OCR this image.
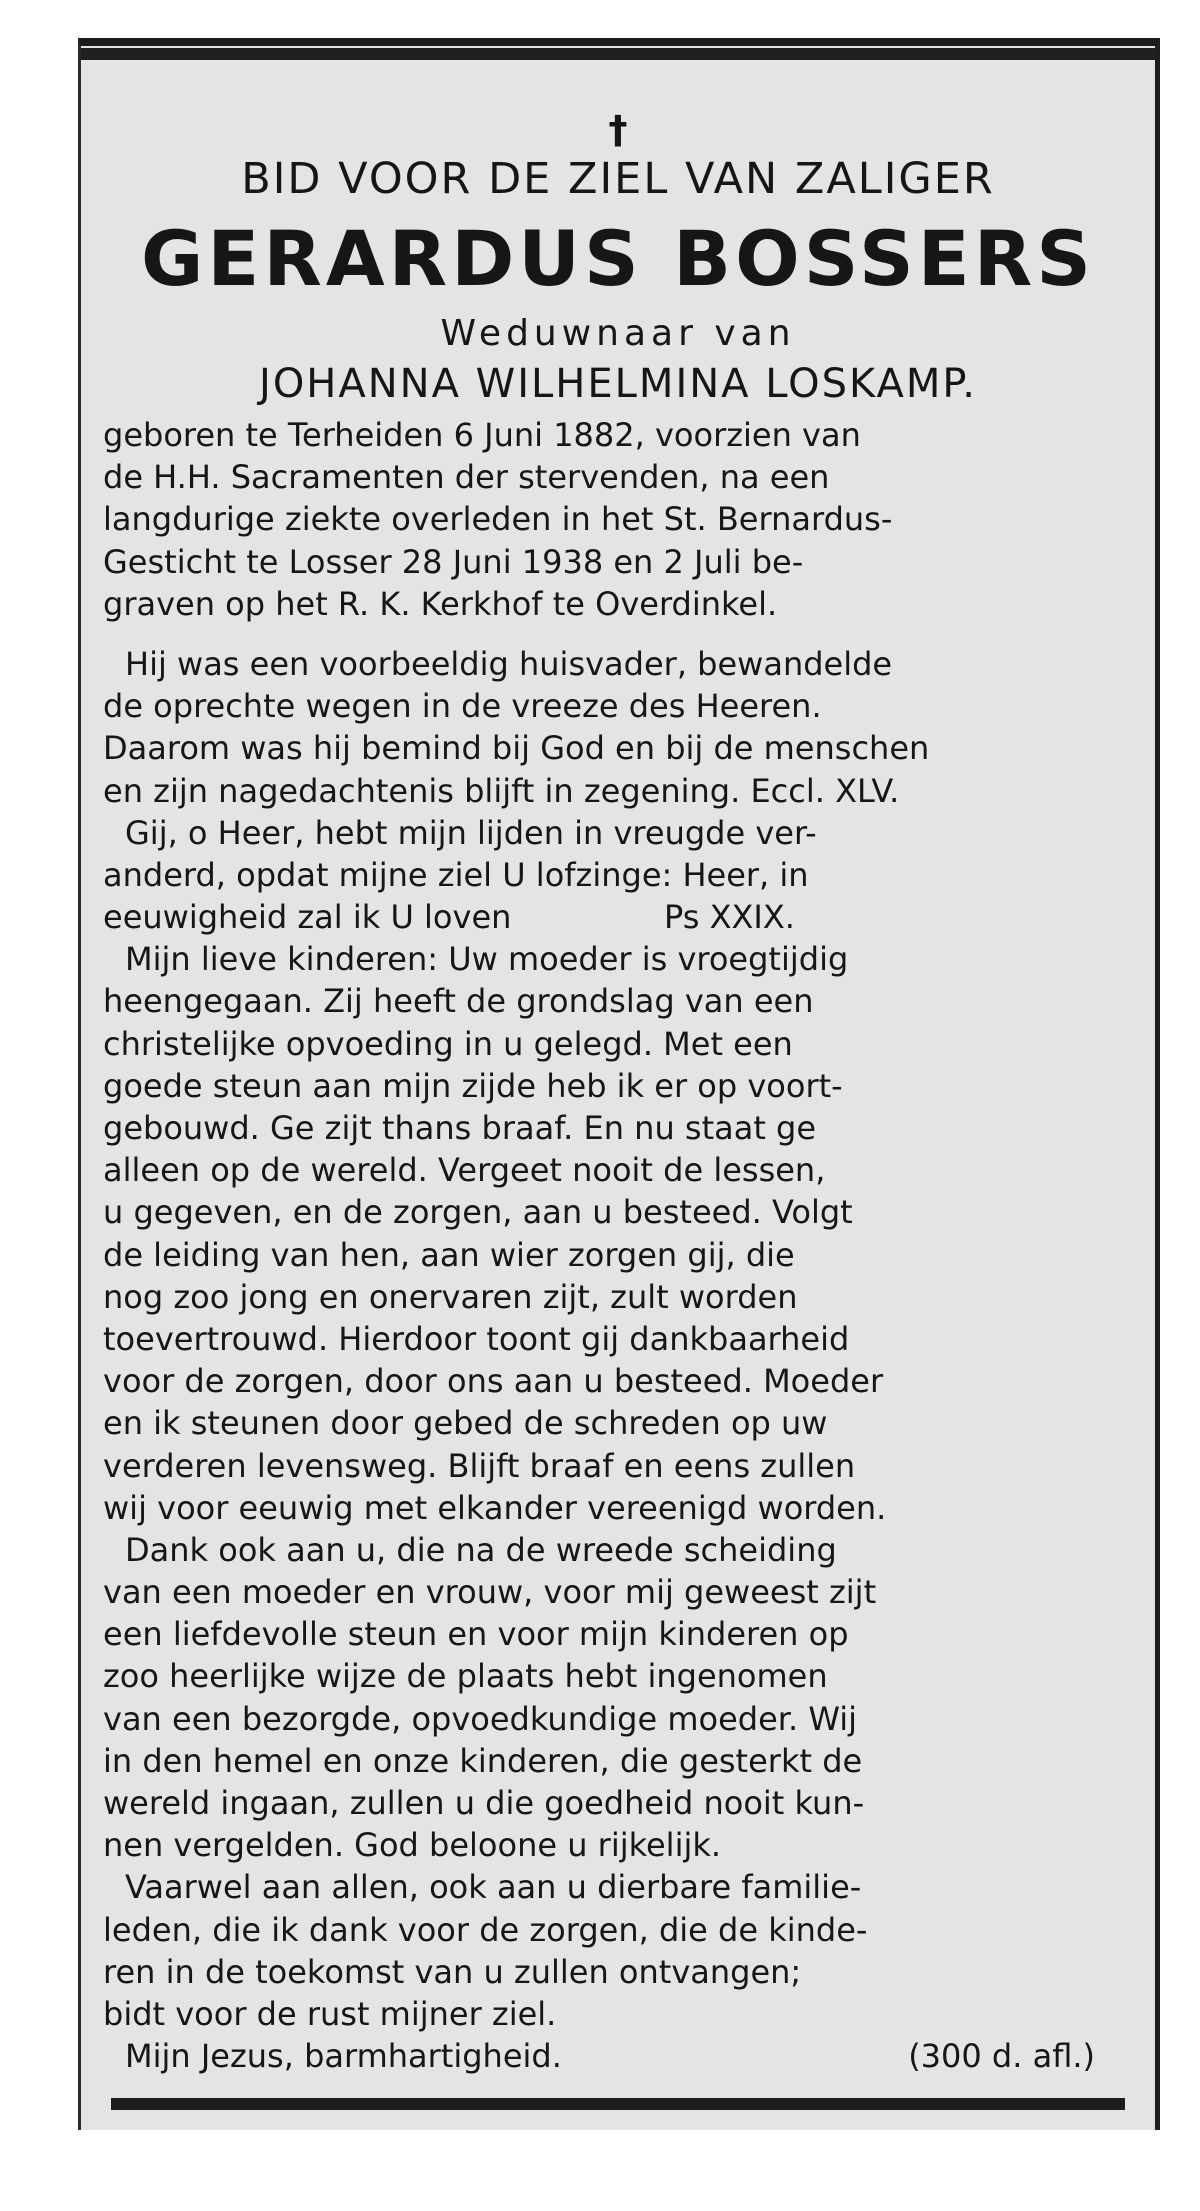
†
BID VOOR DE ZIEL VAN ZALIGER
GERARDUS BOSSERS
Weduwnaar van
JOHANNA WILHELMINA LOSKAMP.
geboren te Terheiden 6 Juni 1882, voorzien van
de H.H. Sacramenten der stervenden, na een
langdurige ziekte overleden in het St. Bernardus-
Gesticht te Losser 28 Juni 1938 en 2 Juli be-
graven op het R. K. Kerkhof te Overdinkel.
Hij was een voorbeeldig huisvader, bewandelde
de oprechte wegen in de vreeze des Heeren.
Daarom was hij bemind bij God en bij de menschen
en zijn nagedachtenis blijft in zegening. Eccl. XLV.
Gij, o Heer, hebt mijn lijden in vreugde ver-
anderd, opdat mijne ziel U lofzinge: Heer, in
eeuwigheid zal ik U loven               Ps XXIX.
Mijn lieve kinderen: Uw moeder is vroegtijdig
heengegaan. Zij heeft de grondslag van een
christelijke opvoeding in u gelegd. Met een
goede steun aan mijn zijde heb ik er op voort-
gebouwd. Ge zijt thans braaf. En nu staat ge
alleen op de wereld. Vergeet nooit de lessen,
u gegeven, en de zorgen, aan u besteed. Volgt
de leiding van hen, aan wier zorgen gij, die
nog zoo jong en onervaren zijt, zult worden
toevertrouwd. Hierdoor toont gij dankbaarheid
voor de zorgen, door ons aan u besteed. Moeder
en ik steunen door gebed de schreden op uw
verderen levensweg. Blijft braaf en eens zullen
wij voor eeuwig met elkander vereenigd worden.
Dank ook aan u, die na de wreede scheiding
van een moeder en vrouw, voor mij geweest zijt
een liefdevolle steun en voor mijn kinderen op
zoo heerlijke wijze de plaats hebt ingenomen
van een bezorgde, opvoedkundige moeder. Wij
in den hemel en onze kinderen, die gesterkt de
wereld ingaan, zullen u die goedheid nooit kun-
nen vergelden. God beloone u rijkelijk.
Vaarwel aan allen, ook aan u dierbare familie-
leden, die ik dank voor de zorgen, die de kinde-
ren in de toekomst van u zullen ontvangen;
bidt voor de rust mijner ziel.
Mijn Jezus, barmhartigheid.	(300 d. afl.)
